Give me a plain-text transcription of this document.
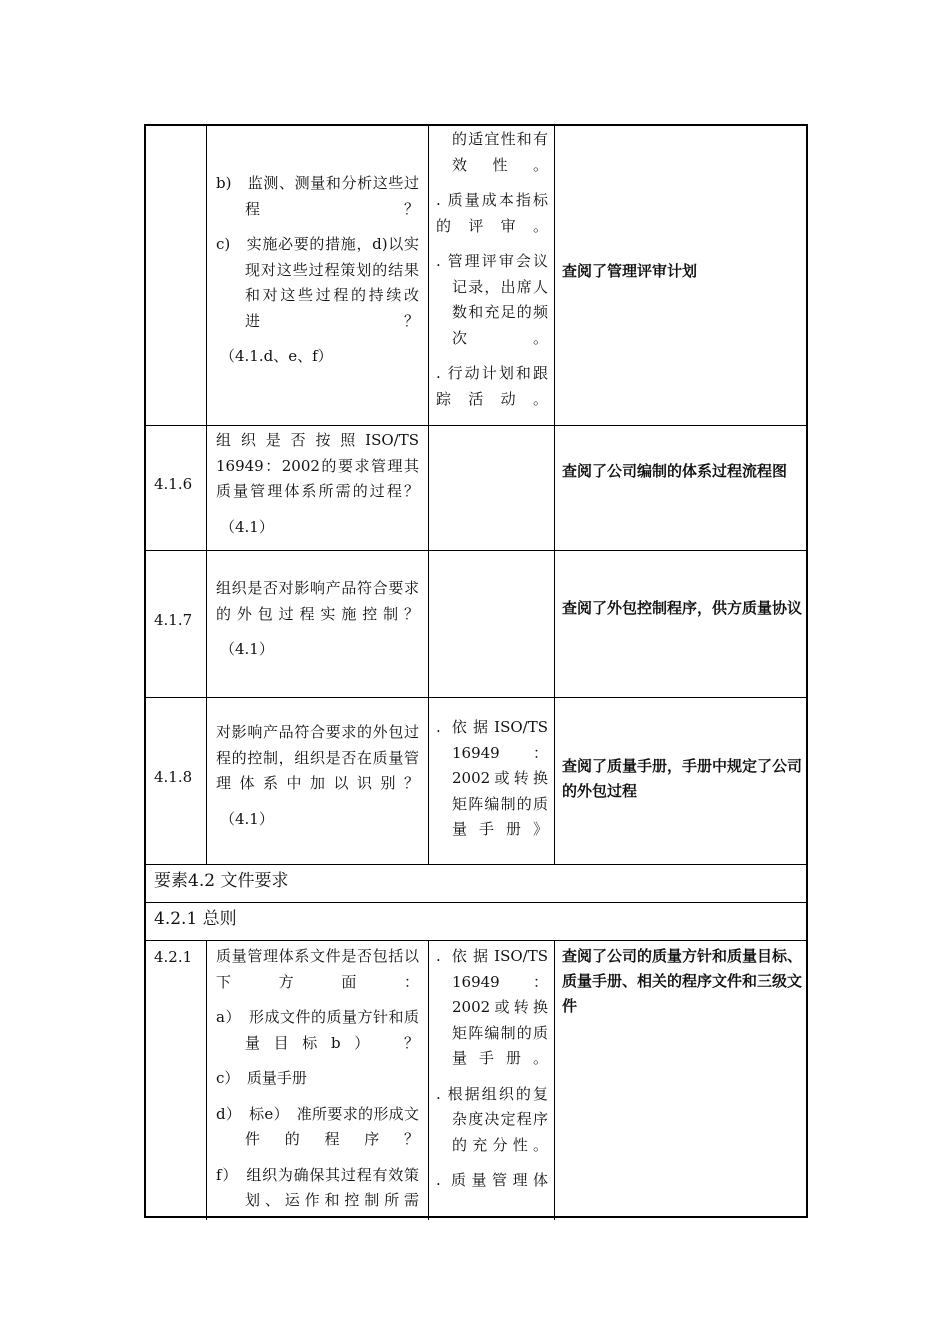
b)　监测、测量和分析这些过程？
c)　实施必要的措施，d)以实现对这些过程策划的结果和对这些过程的持续改进？
（4.1.d、e、f）
的适宜性和有效性。
. 质量成本指标的评审。
. 管理评审会议记录，出席人数和充足的频次。
. 行动计划和跟踪活动。
查阅了管理评审计划
4.1.6
组织是否按照ISO/TS 16949：2002的要求管理其质量管理体系所需的过程？
（4.1）
查阅了公司编制的体系过程流程图
4.1.7
组织是否对影响产品符合要求的外包过程实施控制？
（4.1）
查阅了外包控制程序，供方质量协议
4.1.8
对影响产品符合要求的外包过程的控制，组织是否在质量管理体系中加以识别？
（4.1）
. 依据ISO/TS 16949：2002或转换矩阵编制的质量手册》
查阅了质量手册，手册中规定了公司的外包过程
要素4.2 文件要求
4.2.1 总则
4.2.1 质量管理体系文件是否包括以下方面：
a）　形成文件的质量方针和质量目标b）　？
c）　质量手册
d）　标e）　准所要求的形成文件的程序？
f）　组织为确保其过程有效策划、运作和控制所需
. 依据ISO/TS 16949：2002或转换矩阵编制的质量手册。
. 根据组织的复杂度决定程序的充分性。
. 质量管理体
查阅了公司的质量方针和质量目标、质量手册、相关的程序文件和三级文件
